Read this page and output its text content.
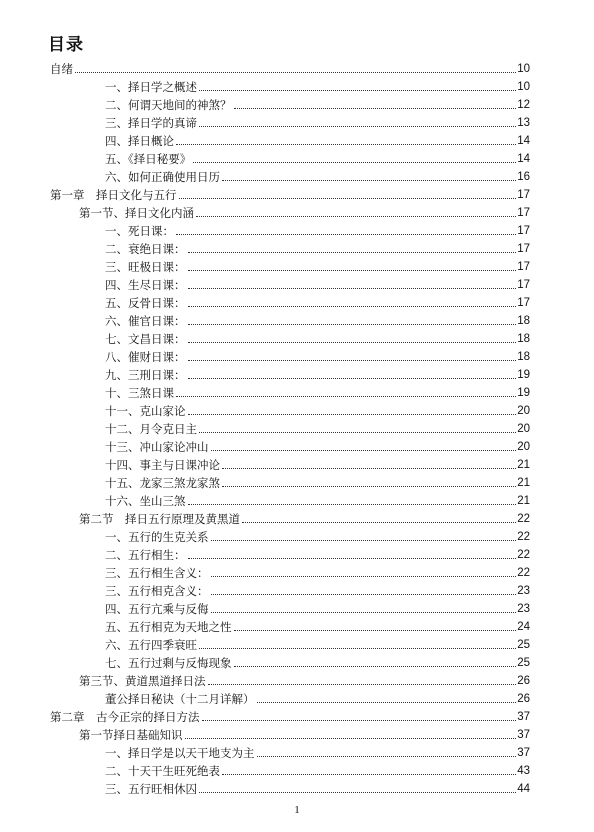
目录
自绪	10
一、择日学之概述	10
二、何谓天地间的神煞？	12
三、择日学的真谛	13
四、择日概论	14
五、《择日秘要》	14
六、如何正确使用日历	16
第一章　择日文化与五行	17
第一节、择日文化内涵	17
一、死日课：	17
二、衰绝日课：	17
三、旺极日课：	17
四、生尽日课：	17
五、反骨日课：	17
六、催官日课：	18
七、文昌日课：	18
八、催财日课：	18
九、三刑日课：	19
十、三煞日课	19
十一、克山家论	20
十二、月令克日主	20
十三、冲山家论冲山	20
十四、事主与日课冲论	21
十五、龙家三煞龙家煞	21
十六、坐山三煞	21
第二节　择日五行原理及黄黑道	22
一、五行的生克关系	22
二、五行相生：	22
三、五行相生含义：	22
三、五行相克含义：	23
四、五行亢乘与反侮	23
五、五行相克为天地之性	24
六、五行四季衰旺	25
七、五行过剩与反悔现象	25
第三节、黄道黑道择日法	26
董公择日秘诀（十二月详解）	26
第二章　古今正宗的择日方法	37
第一节择日基础知识	37
一、择日学是以天干地支为主	37
二、十天干生旺死绝表	43
三、五行旺相休囚	44
1
